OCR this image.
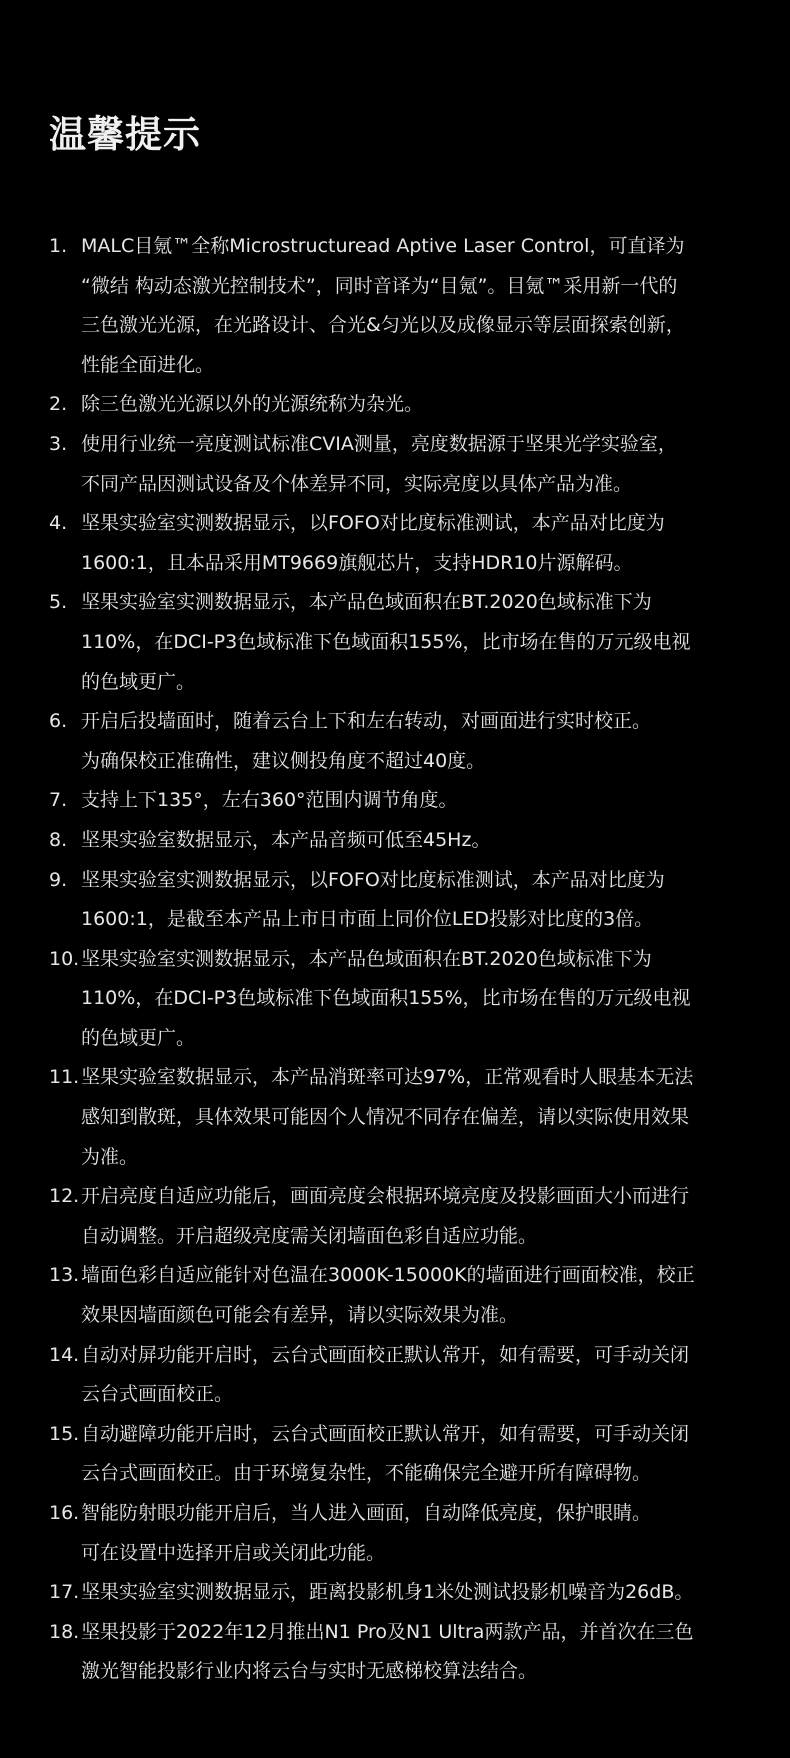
温馨提示
1. MALC目氪™全称Microstructuread Aptive Laser Control，可直译为
“微结 构动态激光控制技术”，同时音译为“目氪”。目氪™采用新一代的
三色激光光源，在光路设计、合光&匀光以及成像显示等层面探索创新，
性能全面进化。
2. 除三色激光光源以外的光源统称为杂光。
3. 使用行业统一亮度测试标准CVIA测量，亮度数据源于坚果光学实验室，
不同产品因测试设备及个体差异不同，实际亮度以具体产品为准。
4. 坚果实验室实测数据显示，以FOFO对比度标准测试，本产品对比度为
1600:1，且本品采用MT9669旗舰芯片，支持HDR10片源解码。
5. 坚果实验室实测数据显示，本产品色域面积在BT.2020色域标准下为
110%，在DCI-P3色域标准下色域面积155%，比市场在售的万元级电视
的色域更广。
6. 开启后投墙面时，随着云台上下和左右转动，对画面进行实时校正。
为确保校正准确性，建议侧投角度不超过40度。
7. 支持上下135°，左右360°范围内调节角度。
8. 坚果实验室数据显示，本产品音频可低至45Hz。
9. 坚果实验室实测数据显示，以FOFO对比度标准测试，本产品对比度为
1600:1，是截至本产品上市日市面上同价位LED投影对比度的3倍。
10. 坚果实验室实测数据显示，本产品色域面积在BT.2020色域标准下为
110%，在DCI-P3色域标准下色域面积155%，比市场在售的万元级电视
的色域更广。
11. 坚果实验室数据显示，本产品消斑率可达97%，正常观看时人眼基本无法
感知到散斑，具体效果可能因个人情况不同存在偏差，请以实际使用效果
为准。
12. 开启亮度自适应功能后，画面亮度会根据环境亮度及投影画面大小而进行
自动调整。开启超级亮度需关闭墙面色彩自适应功能。
13. 墙面色彩自适应能针对色温在3000K-15000K的墙面进行画面校准，校正
效果因墙面颜色可能会有差异，请以实际效果为准。
14. 自动对屏功能开启时，云台式画面校正默认常开，如有需要，可手动关闭
云台式画面校正。
15. 自动避障功能开启时，云台式画面校正默认常开，如有需要，可手动关闭
云台式画面校正。由于环境复杂性，不能确保完全避开所有障碍物。
16. 智能防射眼功能开启后，当人进入画面，自动降低亮度，保护眼睛。
可在设置中选择开启或关闭此功能。
17. 坚果实验室实测数据显示，距离投影机身1米处测试投影机噪音为26dB。
18. 坚果投影于2022年12月推出N1 Pro及N1 Ultra两款产品，并首次在三色
激光智能投影行业内将云台与实时无感梯校算法结合。
